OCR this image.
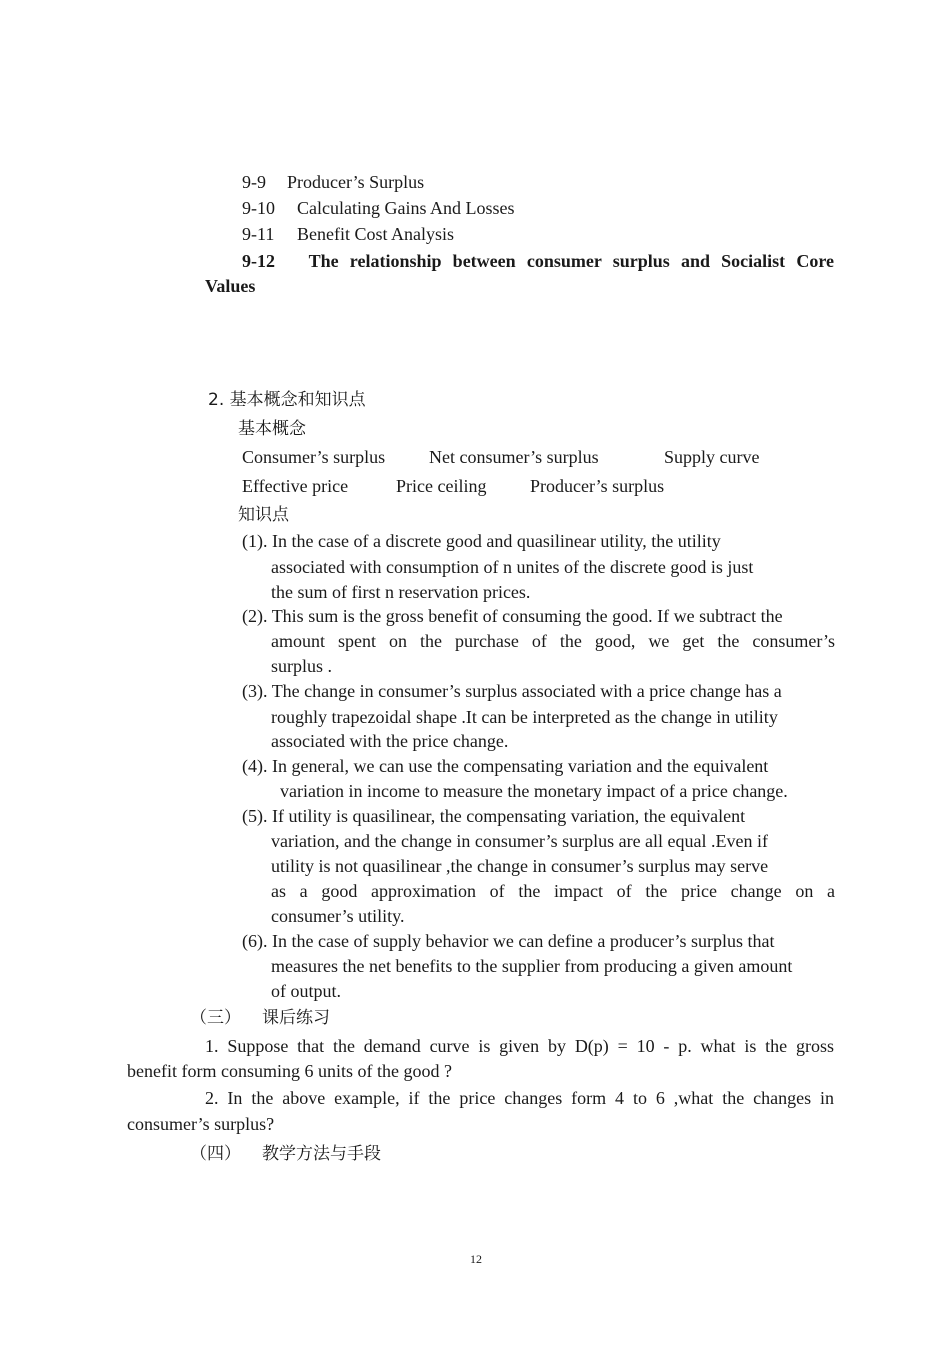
9-9 Producer’s Surplus
9-10 Calculating Gains And Losses
9-11 Benefit Cost Analysis
9-12 The relationship between consumer surplus and Socialist Core
Values
2. 基本概念和知识点
基本概念
Consumer’s surplus Net consumer’s surplus	Supply curve
Effective price	Price ceiling Producer’s surplus
知识点
(1). In the case of a discrete good and quasilinear utility, the utility
associated with consumption of n unites of the discrete good is just
the sum of first n reservation prices.
(2). This sum is the gross benefit of consuming the good. If we subtract the
amount spent on the purchase of the good, we get the consumer’s
surplus .
(3). The change in consumer’s surplus associated with a price change has a
roughly trapezoidal shape .It can be interpreted as the change in utility
associated with the price change.
(4). In general, we can use the compensating variation and the equivalent
variation in income to measure the monetary impact of a price change.
(5). If utility is quasilinear, the compensating variation, the equivalent
variation, and the change in consumer’s surplus are all equal .Even if
utility is not quasilinear ,the change in consumer’s surplus may serve
as a good approximation of the impact of the price change on a
consumer’s utility.
(6). In the case of supply behavior we can define a producer’s surplus that
measures the net benefits to the supplier from producing a given amount
of output.
（三） 课后练习
1. Suppose that the demand curve is given by D(p) = 10 - p. what is the gross
benefit form consuming 6 units of the good ?
2. In the above example, if the price changes form 4 to 6 ,what the changes in
consumer’s surplus?
（四） 教学方法与手段
12
